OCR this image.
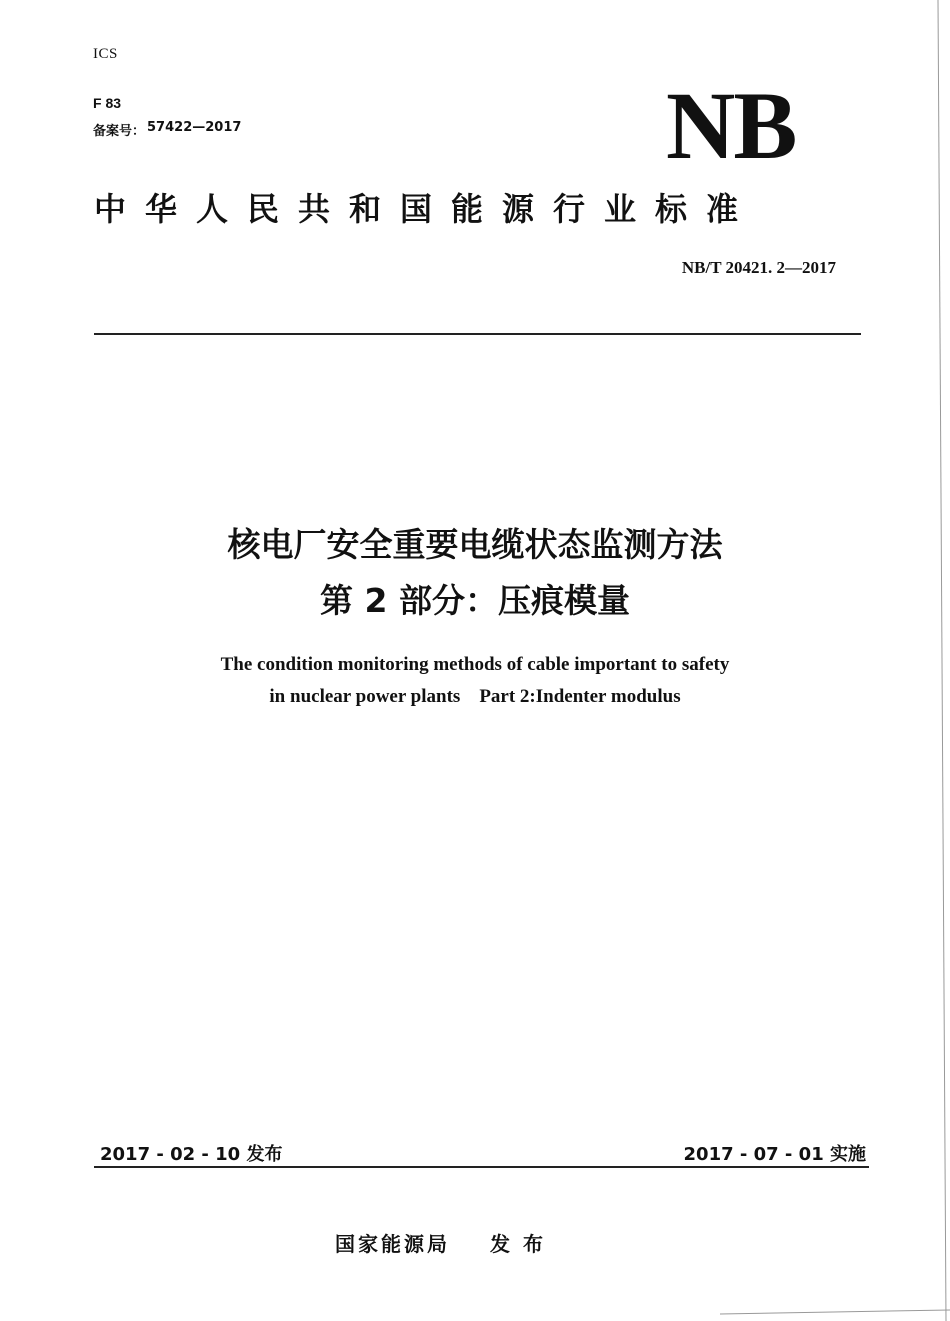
ICS
F 83
备案号： 57422—2017	NB
中华人民共和国能源行业标准
NB/T 20421. 2—2017
核电厂安全重要电缆状态监测方法
第 2 部分：压痕模量
The condition monitoring methods of cable important to safety
in nuclear power plants    Part 2:Indenter modulus
2017 - 02 - 10 发布	2017 - 07 - 01 实施
国家能源局 发 布
